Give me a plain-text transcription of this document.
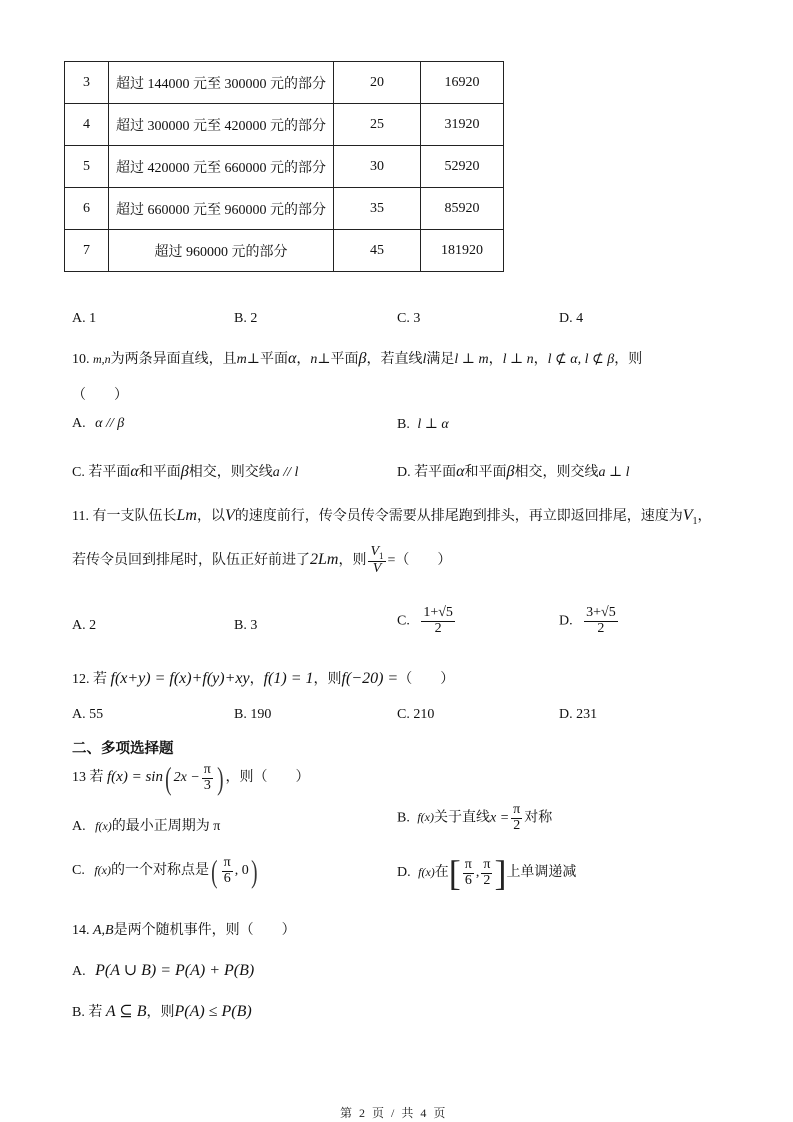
3	超过 144000 元至 300000 元的部分	20	16920
4	超过 300000 元至 420000 元的部分	25	31920
5	超过 420000 元至 660000 元的部分	30	52920
6	超过 660000 元至 960000 元的部分	35	85920
7	超过 960000 元的部分	45	181920
A. 1	B. 2	C. 3	D. 4
10. m,n为两条异面直线，且m⊥平面α，n⊥平面β，若直线l满足l ⊥ m，l ⊥ n，l ⊄ α, l ⊄ β，则
（　　）
A. α // β	B. l ⊥ α
C. 若平面α和平面β相交，则交线a // l	D. 若平面α和平面β相交，则交线a ⊥ l
11. 有一支队伍长Lm，以V的速度前行，传令员传令需要从排尾跑到排头，再立即返回排尾，速度为$V_1$，
若传令员回到排尾时，队伍正好前进了2Lm，则 $\frac{V_1}{V}$ =（　　）
A. 2	B. 3	C. $\frac{1+√5}{2}$	D. $\frac{3+√5}{2}$
12. 若 f(x+y) = f(x)+f(y)+xy，f(1) = 1，则f(−20) =（　　）
A. 55	B. 190	C. 210	D. 231
二、多项选择题
13 若 f(x) = sin( $2x - \frac{\pi}{3}$ ) ，则（　　）
A. f(x)的最小正周期为 π
B. f(x)关于直线$x = \frac{\pi}{2}$ 对称
C. f(x)的一个对称点是( $\frac{\pi}{6}$ , 0)	D. f(x)在[ $\frac{\pi}{6}$ , $\frac{\pi}{2}$ ]上单调递减
14. A,B是两个随机事件，则（　　）
A. P(A ∪ B) = P(A) + P(B)
B. 若 A ⊆ B，则P(A) ≤ P(B)
第 2 页 / 共 4 页
